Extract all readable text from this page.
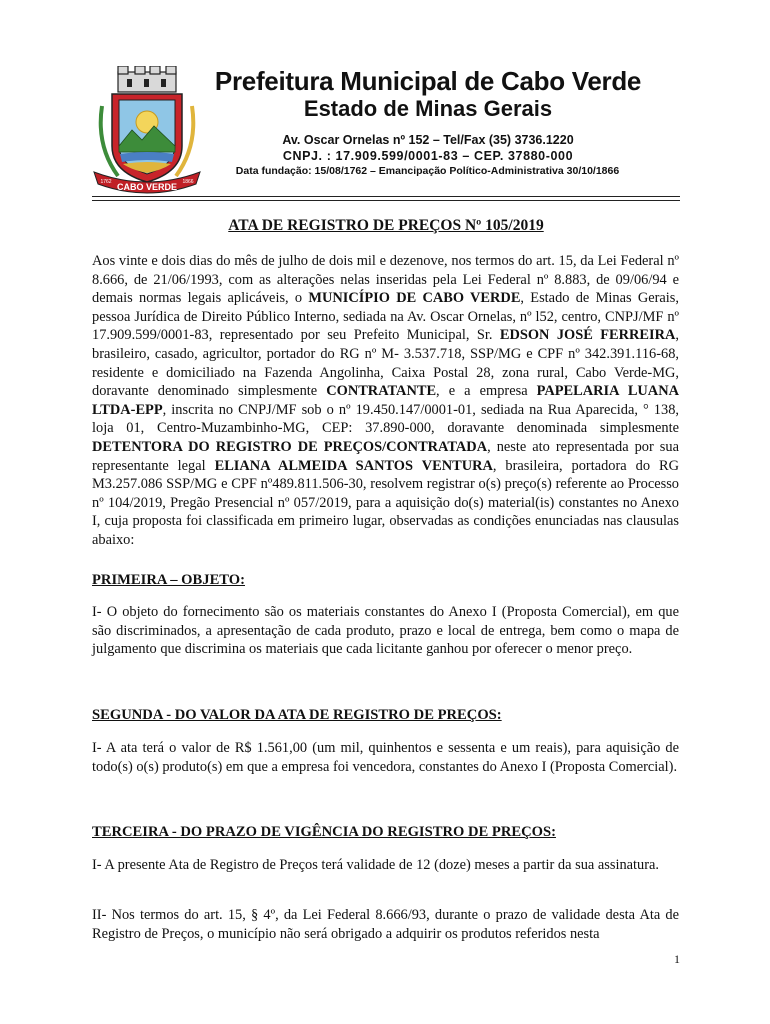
CABO VERDE
1762	1866
Prefeitura Municipal de Cabo Verde
Estado de Minas Gerais
Av. Oscar Ornelas nº 152 – Tel/Fax (35) 3736.1220
CNPJ. : 17.909.599/0001-83 – CEP. 37880-000
Data fundação: 15/08/1762 – Emancipação Político-Administrativa 30/10/1866
ATA DE REGISTRO DE PREÇOS Nº 105/2019
Aos vinte e dois dias do mês de julho de dois mil e dezenove, nos termos do art. 15, da Lei Federal nº 8.666, de 21/06/1993, com as alterações nelas inseridas pela Lei Federal nº 8.883, de 09/06/94 e demais normas legais aplicáveis, o MUNICÍPIO DE CABO VERDE, Estado de Minas Gerais, pessoa Jurídica de Direito Público Interno, sediada na Av. Oscar Ornelas, nº l52, centro, CNPJ/MF nº 17.909.599/0001-83, representado por seu Prefeito Municipal, Sr. EDSON JOSÉ FERREIRA, brasileiro, casado, agricultor, portador do RG nº M- 3.537.718, SSP/MG e CPF nº 342.391.116-68, residente e domiciliado na Fazenda Angolinha, Caixa Postal 28, zona rural, Cabo Verde-MG, doravante denominado simplesmente CONTRATANTE, e a empresa PAPELARIA LUANA LTDA-EPP, inscrita no CNPJ/MF sob o nº 19.450.147/0001-01, sediada na Rua Aparecida, ° 138, loja 01, Centro-Muzambinho-MG, CEP: 37.890-000, doravante denominada simplesmente DETENTORA DO REGISTRO DE PREÇOS/CONTRATADA, neste ato representada por sua representante legal ELIANA ALMEIDA SANTOS VENTURA, brasileira, portadora do RG M3.257.086 SSP/MG e CPF nº489.811.506-30, resolvem registrar o(s) preço(s) referente ao Processo nº 104/2019, Pregão Presencial nº 057/2019, para a aquisição do(s) material(is) constantes no Anexo I, cuja proposta foi classificada em primeiro lugar, observadas as condições enunciadas nas clausulas abaixo:
PRIMEIRA – OBJETO:
I- O objeto do fornecimento são os materiais constantes do Anexo I (Proposta Comercial), em que são discriminados, a apresentação de cada produto, prazo e local de entrega, bem como o mapa de julgamento que discrimina os materiais que cada licitante ganhou por oferecer o menor preço.
SEGUNDA - DO VALOR DA ATA DE REGISTRO DE PREÇOS:
I- A ata terá o valor de R$ 1.561,00 (um mil, quinhentos e sessenta e um reais), para aquisição de todo(s) o(s) produto(s) em que a empresa foi vencedora, constantes do Anexo I (Proposta Comercial).
TERCEIRA - DO PRAZO DE VIGÊNCIA DO REGISTRO DE PREÇOS:
I- A presente Ata de Registro de Preços terá validade de 12 (doze) meses a partir da sua assinatura.
II- Nos termos do art. 15, § 4º, da Lei Federal 8.666/93, durante o prazo de validade desta Ata de Registro de Preços, o município não será obrigado a adquirir os produtos referidos nesta
1
